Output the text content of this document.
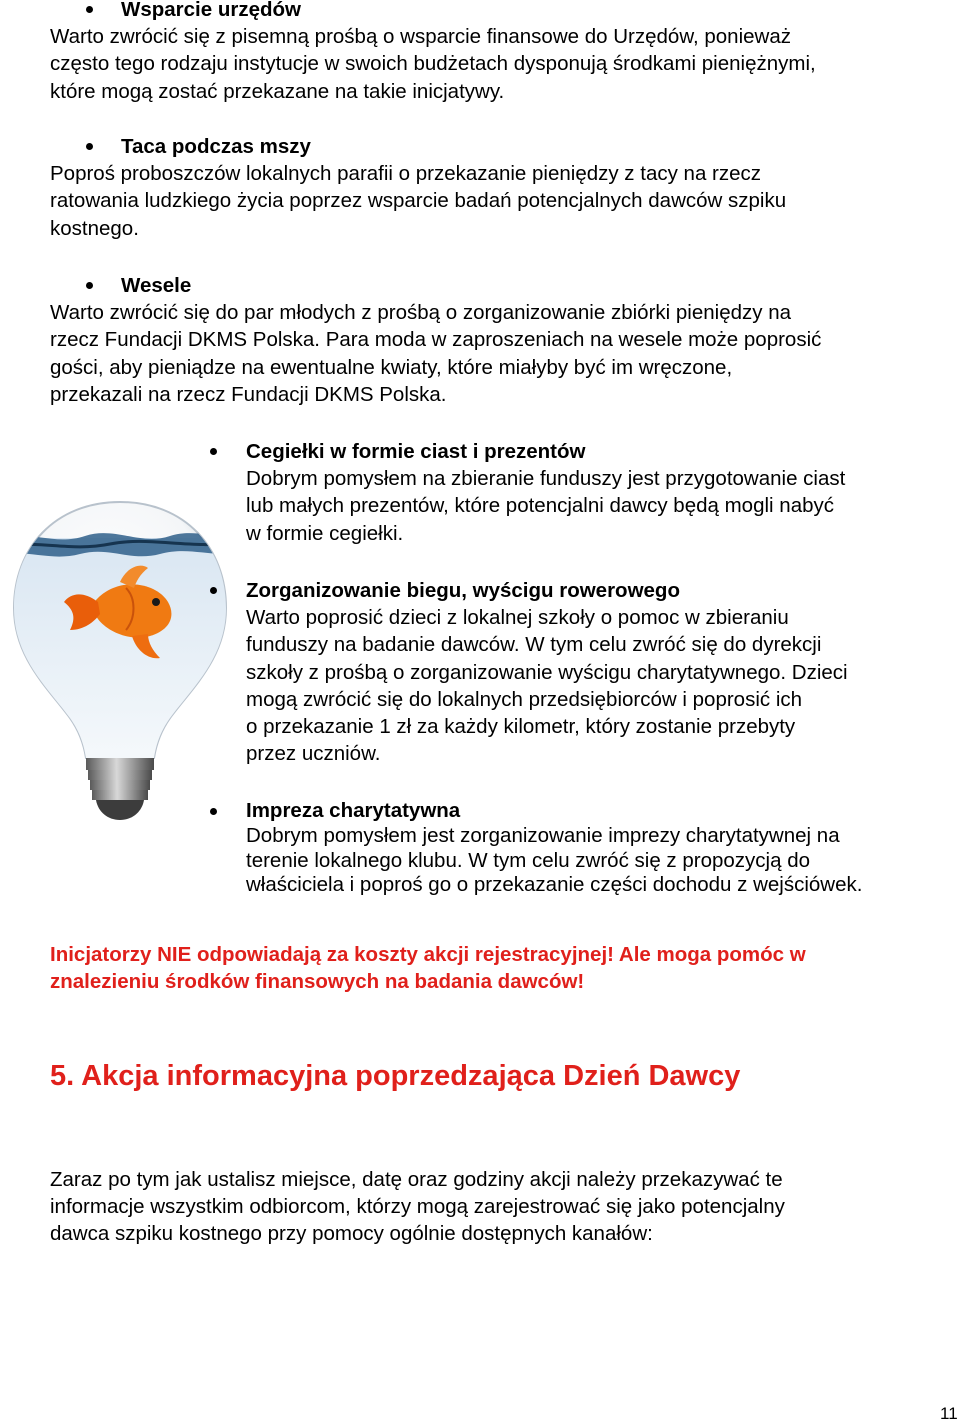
Wsparcie urzędów
Warto zwrócić się z pisemną prośbą o wsparcie finansowe do Urzędów, ponieważ
często tego rodzaju instytucje w swoich budżetach dysponują środkami pieniężnymi,
które mogą zostać przekazane na takie inicjatywy.
Taca podczas mszy
Poproś proboszczów lokalnych parafii o przekazanie pieniędzy z tacy na rzecz
ratowania ludzkiego życia poprzez wsparcie badań potencjalnych dawców szpiku
kostnego.
Wesele
Warto zwrócić się do par młodych z prośbą o zorganizowanie zbiórki pieniędzy na
rzecz Fundacji DKMS Polska. Para moda w zaproszeniach na wesele może poprosić
gości, aby pieniądze na ewentualne kwiaty, które miałyby być im wręczone,
przekazali na rzecz Fundacji DKMS Polska.
Cegiełki w formie ciast i prezentów
Dobrym pomysłem na zbieranie funduszy jest przygotowanie ciast
lub małych prezentów, które potencjalni dawcy będą mogli nabyć
w formie cegiełki.
Zorganizowanie biegu, wyścigu rowerowego
Warto poprosić dzieci z lokalnej szkoły o pomoc w zbieraniu
funduszy na badanie dawców. W tym celu zwróć się do dyrekcji
szkoły z prośbą o zorganizowanie wyścigu charytatywnego. Dzieci
mogą zwrócić się do lokalnych przedsiębiorców i poprosić ich
o przekazanie 1 zł za każdy kilometr, który zostanie przebyty
przez uczniów.
Impreza charytatywna
Dobrym pomysłem jest zorganizowanie imprezy charytatywnej na
terenie lokalnego klubu. W tym celu zwróć się z propozycją do
właściciela i poproś go o przekazanie części dochodu z wejściówek.
Inicjatorzy NIE odpowiadają za koszty akcji rejestracyjnej! Ale moga pomóc w
znalezieniu środków finansowych na badania dawców!
5. Akcja informacyjna poprzedzająca Dzień Dawcy
Zaraz po tym jak ustalisz miejsce, datę oraz godziny akcji należy przekazywać te
informacje wszystkim odbiorcom, którzy mogą zarejestrować się jako potencjalny
dawca szpiku kostnego przy pomocy ogólnie dostępnych kanałów:
11
